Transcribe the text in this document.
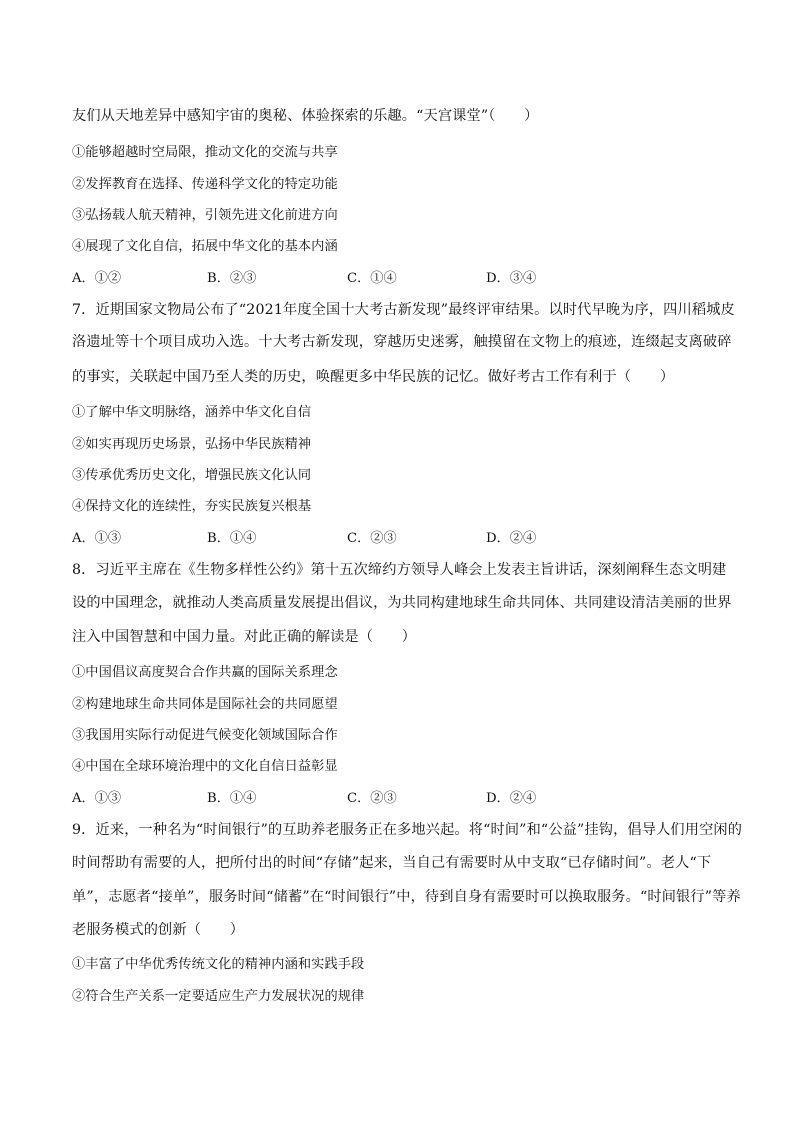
友们从天地差异中感知宇宙的奥秘、体验探索的乐趣。“天宫课堂”（　　）
①能够超越时空局限，推动文化的交流与共享
②发挥教育在选择、传递科学文化的特定功能
③弘扬载人航天精神，引领先进文化前进方向
④展现了文化自信，拓展中华文化的基本内涵
A．①②	B．②③	C．①④	D．③④
7．近期国家文物局公布了“2021年度全国十大考古新发现”最终评审结果。以时代早晚为序，四川稻城皮
洛遗址等十个项目成功入选。十大考古新发现，穿越历史迷雾，触摸留在文物上的痕迹，连缀起支离破碎
的事实，关联起中国乃至人类的历史，唤醒更多中华民族的记忆。做好考古工作有利于（　　）
①了解中华文明脉络，涵养中华文化自信
②如实再现历史场景，弘扬中华民族精神
③传承优秀历史文化，增强民族文化认同
④保持文化的连续性，夯实民族复兴根基
A．①③	B．①④	C．②③	D．②④
8．习近平主席在《生物多样性公约》第十五次缔约方领导人峰会上发表主旨讲话，深刻阐释生态文明建
设的中国理念，就推动人类高质量发展提出倡议，为共同构建地球生命共同体、共同建设清洁美丽的世界
注入中国智慧和中国力量。对此正确的解读是（　　）
①中国倡议高度契合合作共赢的国际关系理念
②构建地球生命共同体是国际社会的共同愿望
③我国用实际行动促进气候变化领域国际合作
④中国在全球环境治理中的文化自信日益彰显
A．①③	B．①④	C．②③	D．②④
9．近来，一种名为“时间银行”的互助养老服务正在多地兴起。将“时间”和“公益”挂钩，倡导人们用空闲的
时间帮助有需要的人，把所付出的时间“存储”起来，当自己有需要时从中支取“已存储时间”。老人“下
单”，志愿者“接单”，服务时间“储蓄”在“时间银行”中，待到自身有需要时可以换取服务。“时间银行”等养
老服务模式的创新（　　）
①丰富了中华优秀传统文化的精神内涵和实践手段
②符合生产关系一定要适应生产力发展状况的规律
